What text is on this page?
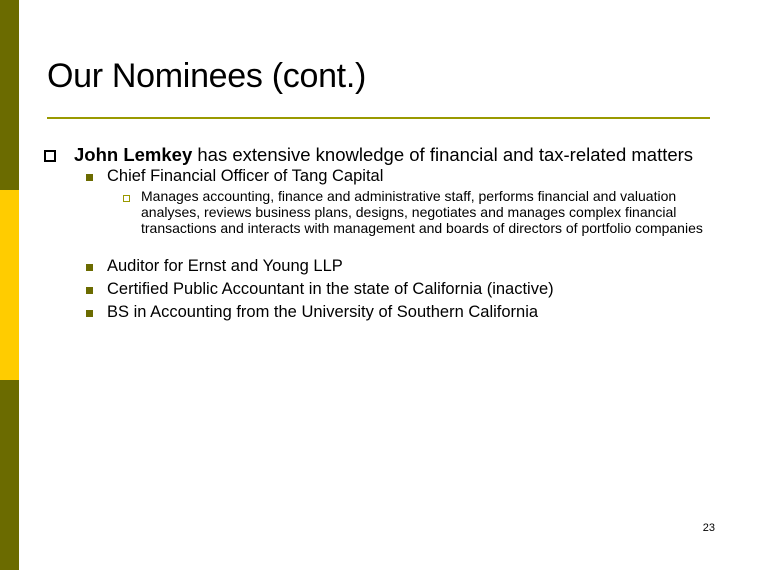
Our Nominees (cont.)
John Lemkey has extensive knowledge of financial and tax-related matters
Chief Financial Officer of Tang Capital
Manages accounting, finance and administrative staff, performs financial and valuation analyses, reviews business plans, designs, negotiates and manages complex financial transactions and interacts with management and boards of directors of portfolio companies
Auditor for Ernst and Young LLP
Certified Public Accountant in the state of California (inactive)
BS in Accounting from the University of Southern California
23
